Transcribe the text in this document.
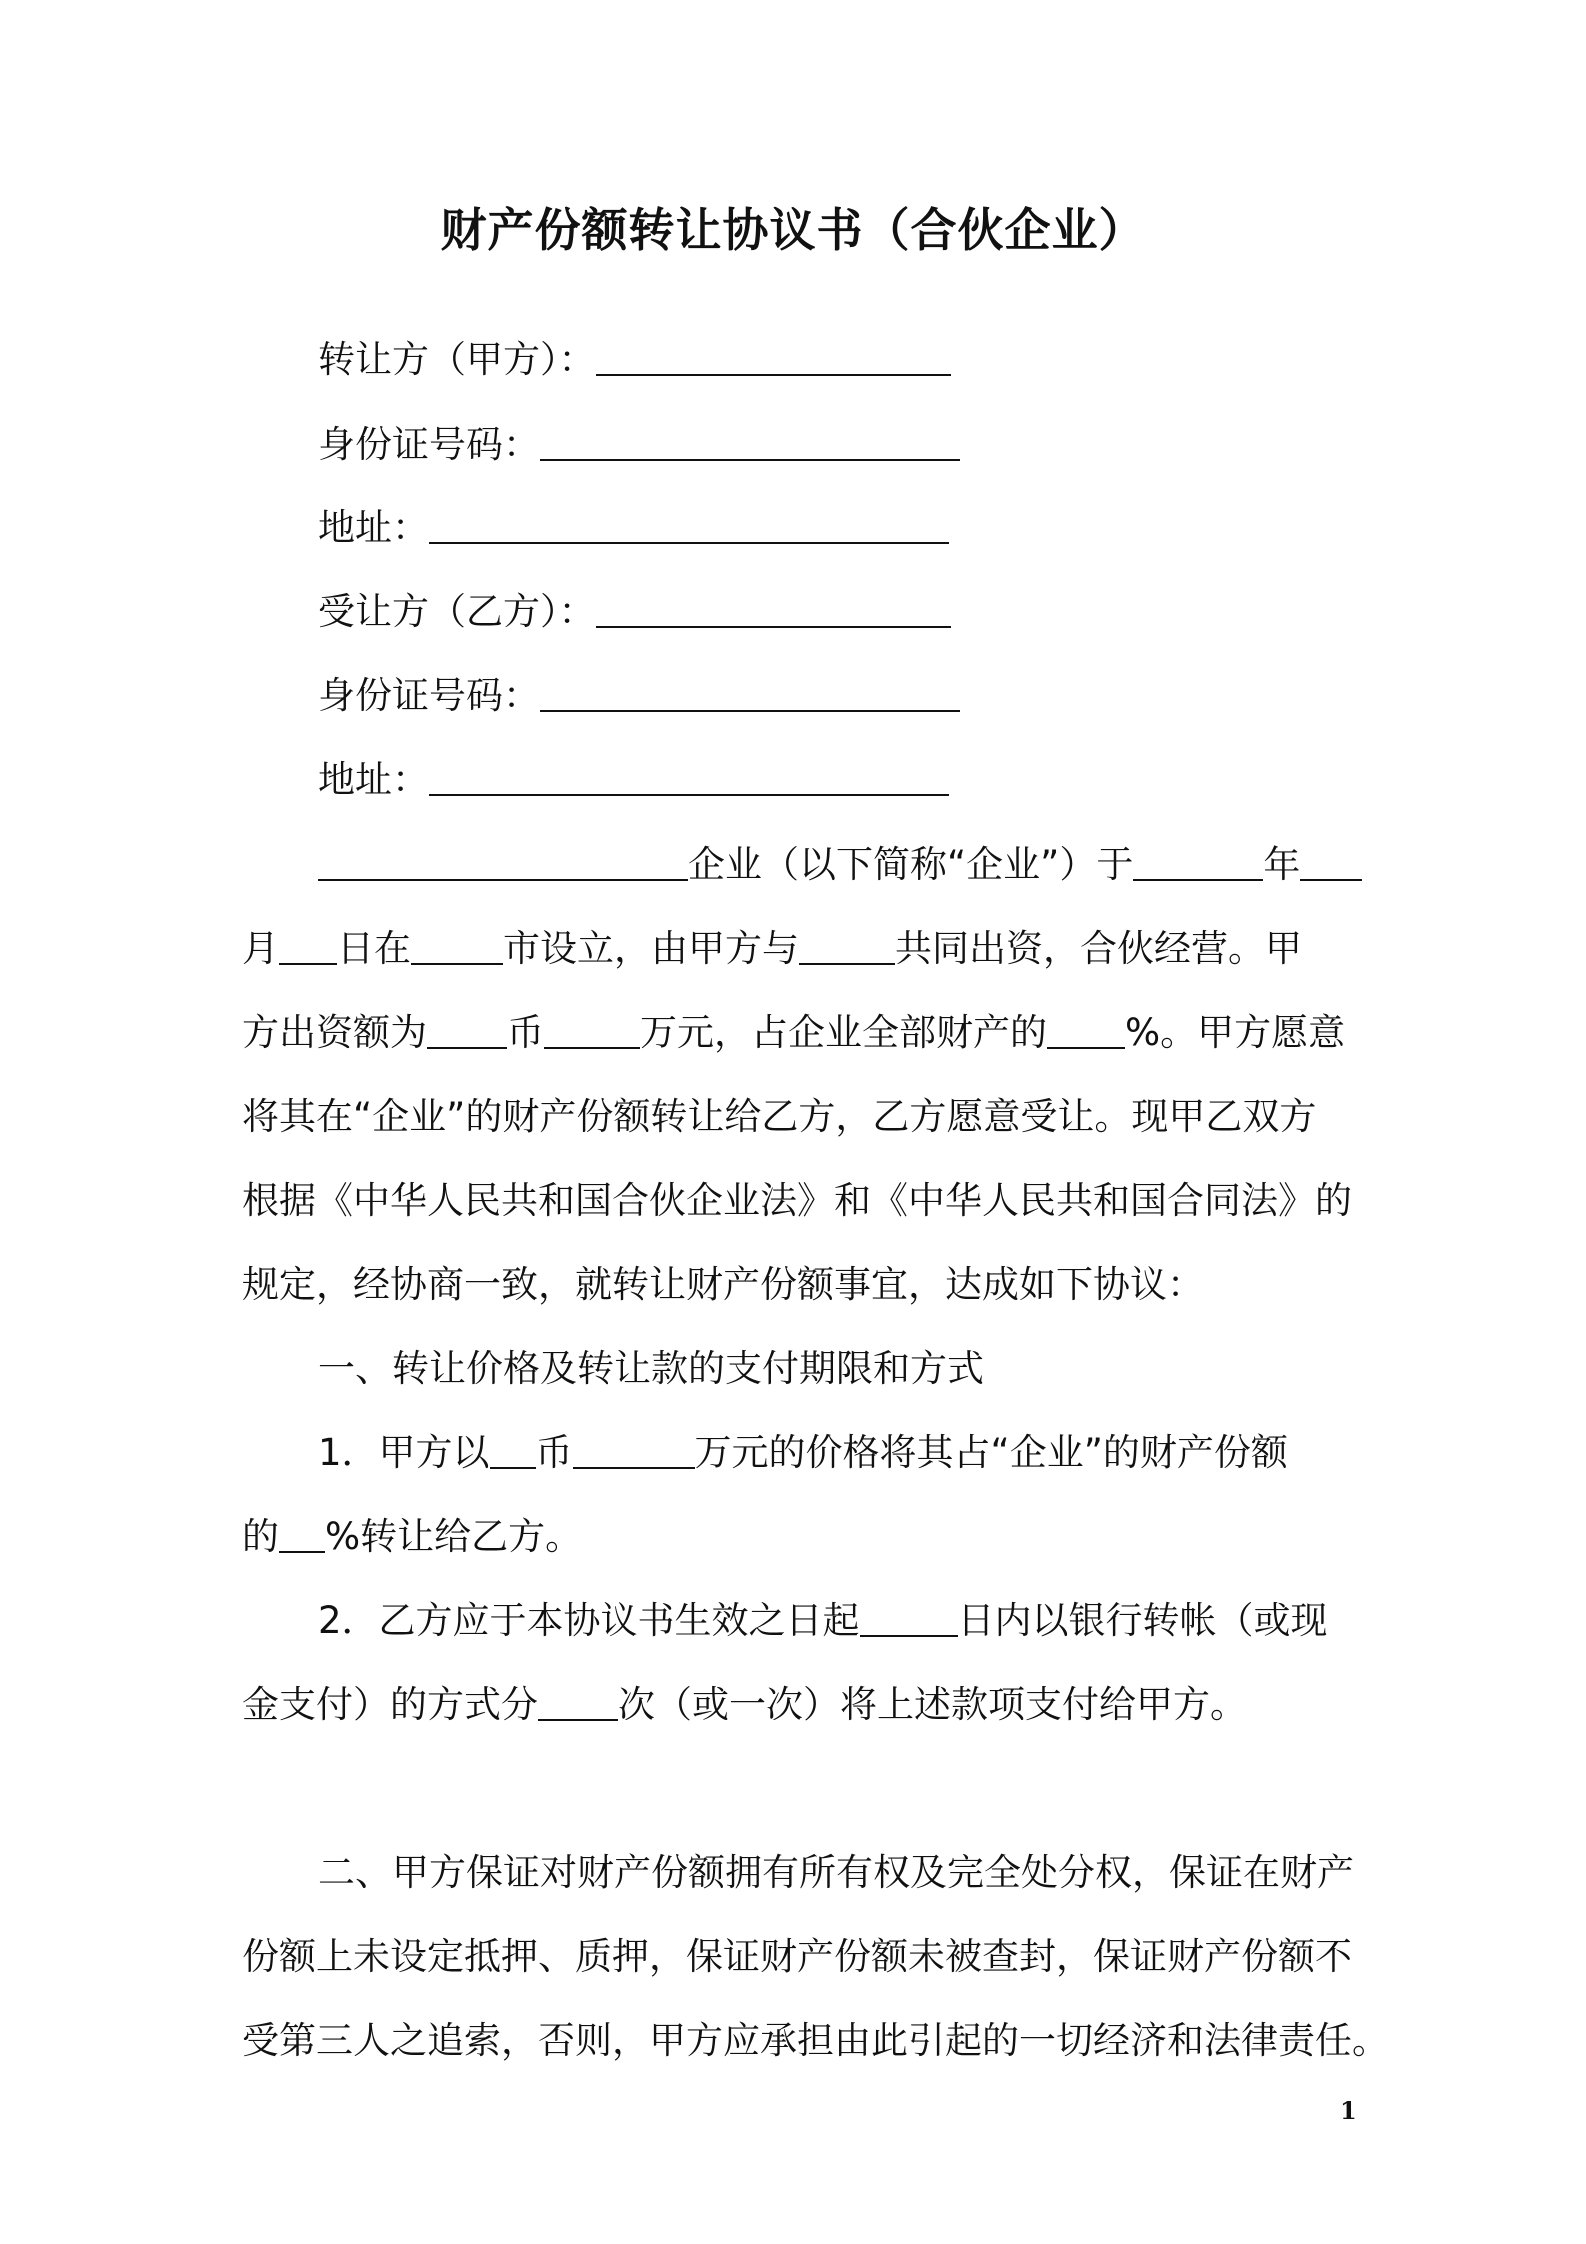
财产份额转让协议书（合伙企业）
转让方（甲方）：
身份证号码：
地址：
受让方（乙方）：
身份证号码：
地址：
企业（以下简称“企业”）于	年
月 日在 市设立，由甲方与	共同出资，合伙经营。甲
方出资额为 币	万元，占企业全部财产的 %。甲方愿意
将其在“企业”的财产份额转让给乙方，乙方愿意受让。现甲乙双方
根据《中华人民共和国合伙企业法》和《中华人民共和国合同法》的
规定，经协商一致，就转让财产份额事宜，达成如下协议：
一、转让价格及转让款的支付期限和方式
1．甲方以 币	万元的价格将其占“企业”的财产份额
的 %转让给乙方。
2．乙方应于本协议书生效之日起	日内以银行转帐（或现
金支付）的方式分 次（或一次）将上述款项支付给甲方。
二、甲方保证对财产份额拥有所有权及完全处分权，保证在财产
份额上未设定抵押、质押，保证财产份额未被查封，保证财产份额不
受第三人之追索，否则，甲方应承担由此引起的一切经济和法律责任。
1
